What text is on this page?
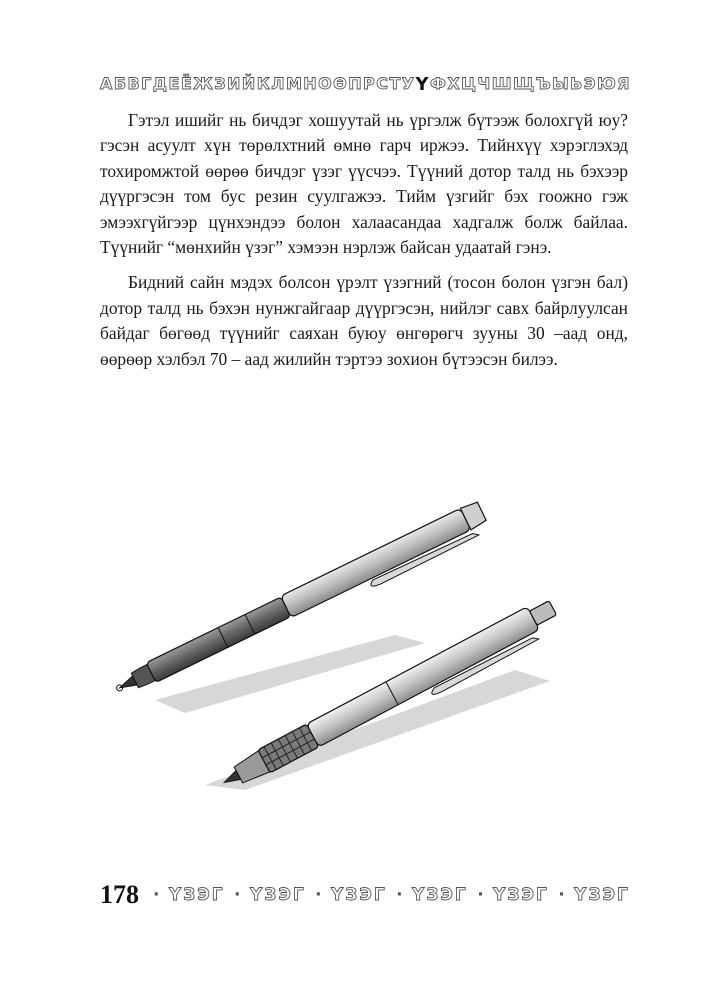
А Б В Г Д Е Ё Ж З И Й К Л М Н О Ө П Р С Т У Ү Ф Х Ц Ч Ш Щ Ъ Ы Ь Э Ю Я

Гэтэл ишийг нь бичдэг хошуутай нь үргэлж бүтээж болохгүй юу? гэсэн асуулт хүн төрөлхтний өмнө гарч иржээ. Тийнхүү хэрэглэхэд тохиромжтой өөрөө бичдэг үзэг үүсчээ. Түүний дотор талд нь бэхээр дүүргэсэн том бус резин суулгажээ. Тийм үзгийг бэх гоожно гэж эмээхгүйгээр цүнхэндээ болон халаасандаа хадгалж болж байлаа. Түүнийг “мөнхийн үзэг” хэмээн нэрлэж байсан удаатай гэнэ.

Бидний сайн мэдэх болсон үрэлт үзэгний (тосон болон үзгэн бал) дотор талд нь бэхэн нунжгайгаар дүүргэсэн, нийлэг савх байрлуулсан байдаг бөгөөд түүнийг саяхан буюу өнгөрөгч зууны 30 –аад онд, өөрөөр хэлбэл 70 – аад жилийн тэртээ зохион бүтээсэн билээ.

178 · ҮЗЭГ · ҮЗЭГ · ҮЗЭГ · ҮЗЭГ · ҮЗЭГ · ҮЗЭГ
